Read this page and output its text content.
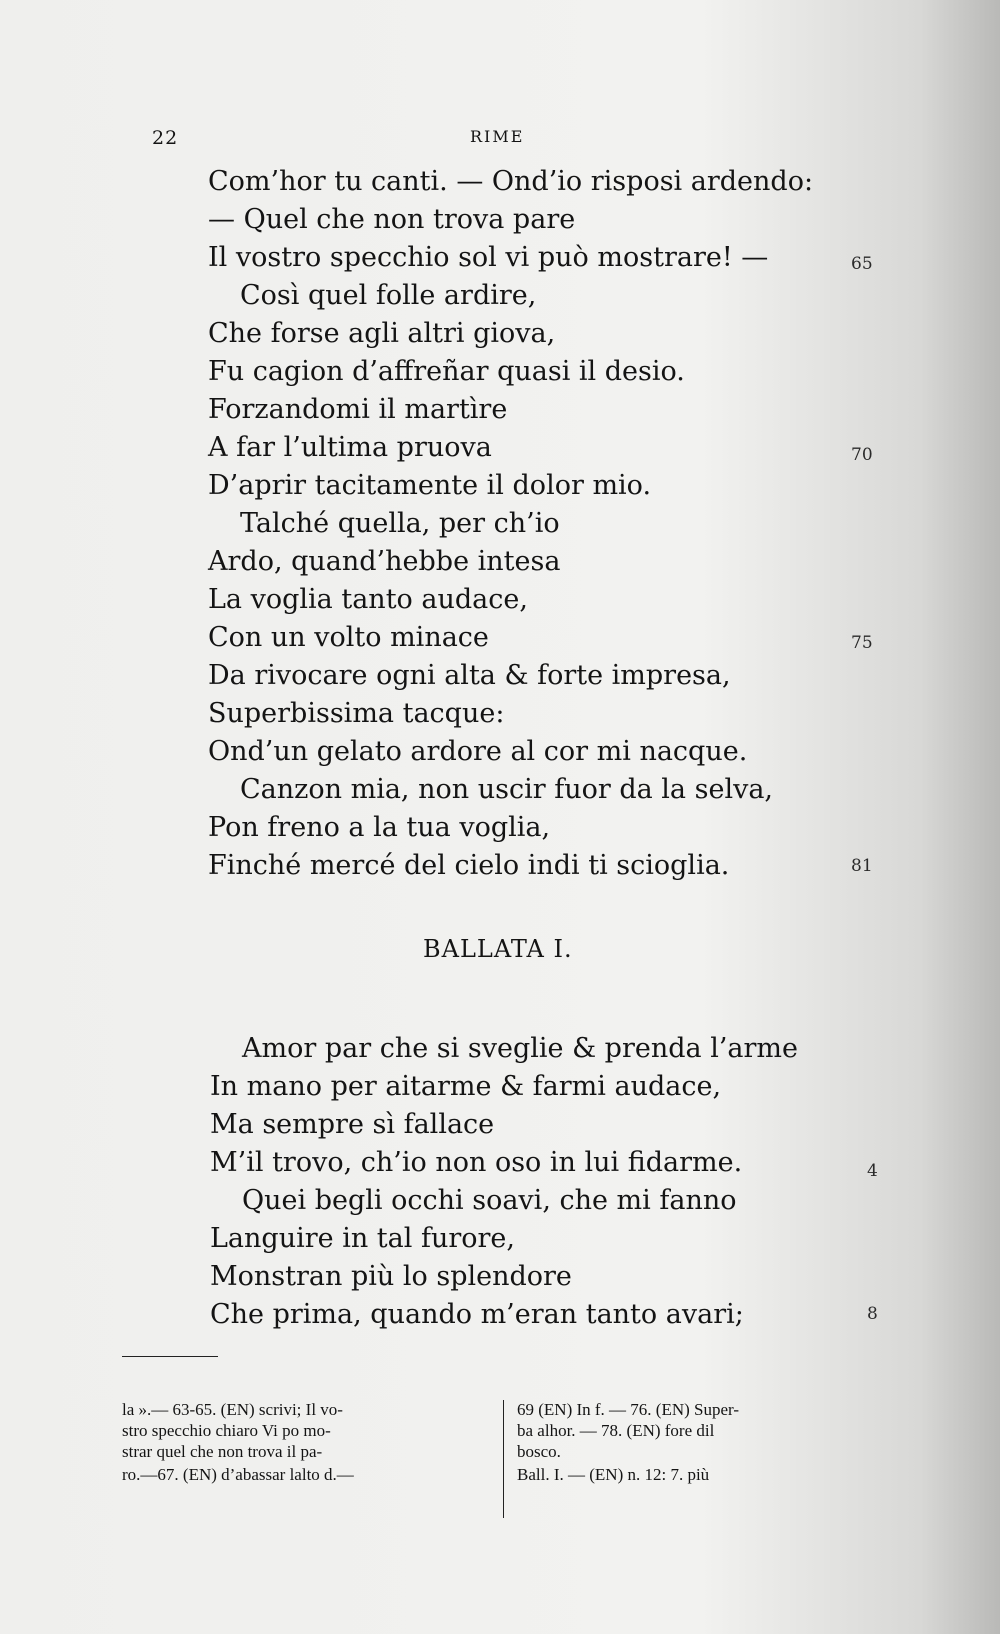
22	RIME
Com’hor tu canti. — Ond’io risposi ardendo:
— Quel che non trova pare
Il vostro specchio sol vi può mostrare! —
Così quel folle ardire,
Che forse agli altri giova,
Fu cagion d’affreñar quasi il desio.
Forzandomi il martìre
A far l’ultima pruova
D’aprir tacitamente il dolor mio.
Talché quella, per ch’io
Ardo, quand’hebbe intesa
La voglia tanto audace,
Con un volto minace
Da rivocare ogni alta & forte impresa,
Superbissima tacque:
Ond’un gelato ardore al cor mi nacque.
Canzon mia, non uscir fuor da la selva,
Pon freno a la tua voglia,
Finché mercé del cielo indi ti scioglia.
65
70
75
81
BALLATA I.
Amor par che si sveglie & prenda l’arme
In mano per aitarme & farmi audace,
Ma sempre sì fallace
M’il trovo, ch’io non oso in lui fidarme.
Quei begli occhi soavi, che mi fanno
Languire in tal furore,
Monstran più lo splendore
Che prima, quando m’eran tanto avari;
4
8
la ».— 63-65. (EN) scrivi; Il vo-
stro specchio chiaro Vi po mo-
strar quel che non trova il pa-
ro.—67. (EN) d’abassar lalto d.—
69 (EN) In f. — 76. (EN) Super-
ba alhor. — 78. (EN) fore dil
bosco.
Ball. I. — (EN) n. 12: 7. più
